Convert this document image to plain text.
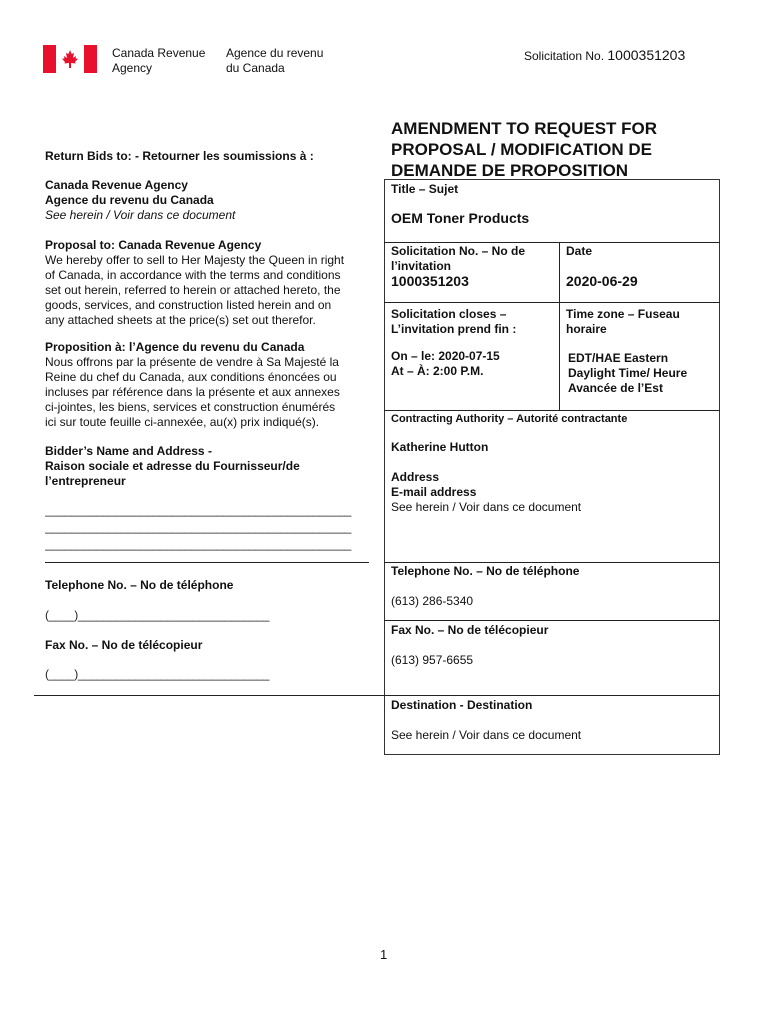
Canada Revenue
Agency
Agence du revenu
du Canada
Solicitation No. 1000351203
AMENDMENT TO REQUEST FOR
PROPOSAL / MODIFICATION DE
DEMANDE DE PROPOSITION
Return Bids to: - Retourner les soumissions à :
Canada Revenue Agency
Agence du revenu du Canada
See herein / Voir dans ce document
Proposal to: Canada Revenue Agency
We hereby offer to sell to Her Majesty the Queen in right
of Canada, in accordance with the terms and conditions
set out herein, referred to herein or attached hereto, the
goods, services, and construction listed herein and on
any attached sheets at the price(s) set out therefor.
Proposition à: l’Agence du revenu du Canada
Nous offrons par la présente de vendre à Sa Majesté la
Reine du chef du Canada, aux conditions énoncées ou
incluses par référence dans la présente et aux annexes
ci-jointes, les biens, services et construction énumérés
ici sur toute feuille ci-annexée, au(x) prix indiqué(s).
Bidder’s Name and Address -
Raison sociale et adresse du Fournisseur/de
l’entrepreneur
________________________________________________
________________________________________________
________________________________________________
Telephone No. – No de téléphone
(____)______________________________
Fax No. – No de télécopieur
(____)______________________________
Title – Sujet
OEM Toner Products
Solicitation No. – No de
l’invitation
1000351203
Date
2020-06-29
Solicitation closes –
L’invitation prend fin :
On – le: 2020-07-15
At – À: 2:00 P.M.
Time zone – Fuseau
horaire
EDT/HAE Eastern
Daylight Time/ Heure
Avancée de l’Est
Contracting Authority – Autorité contractante
Katherine Hutton
Address
E-mail address
See herein / Voir dans ce document
Telephone No. – No de téléphone
(613) 286-5340
Fax No. – No de télécopieur
(613) 957-6655
Destination - Destination
See herein / Voir dans ce document
1
